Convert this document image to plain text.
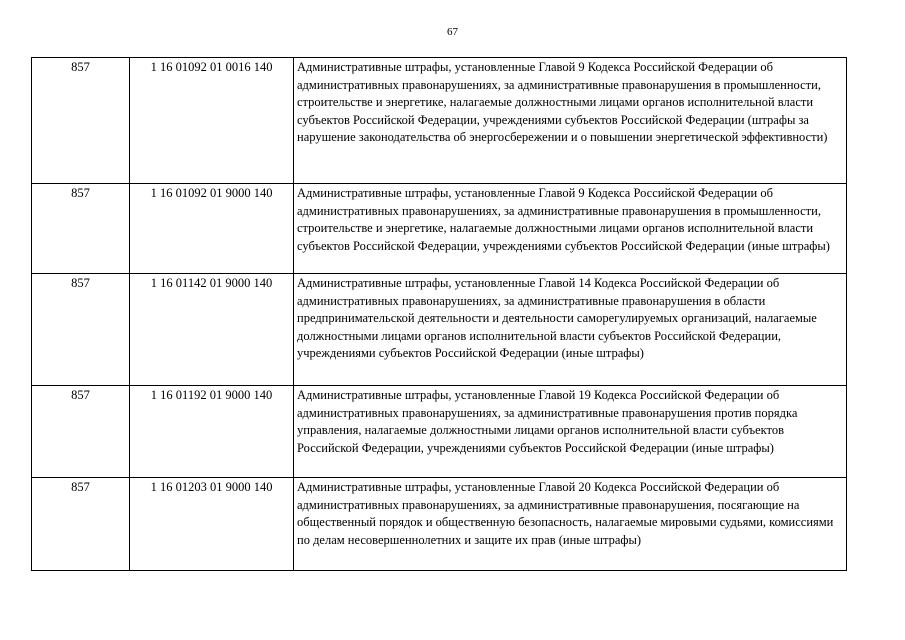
67
857	1 16 01092 01 0016 140	Административные штрафы, установленные Главой 9 Кодекса Российской Федерации об административных правонарушениях, за административные правонарушения в промышленности, строительстве и энергетике, налагаемые должностными лицами органов исполнительной власти субъектов Российской Федерации, учреждениями субъектов Российской Федерации (штрафы за нарушение законодательства об энергосбережении и о повышении энергетической эффективности)
857	1 16 01092 01 9000 140	Административные штрафы, установленные Главой 9 Кодекса Российской Федерации об административных правонарушениях, за административные правонарушения в промышленности, строительстве и энергетике, налагаемые должностными лицами органов исполнительной власти субъектов Российской Федерации, учреждениями субъектов Российской Федерации (иные штрафы)
857	1 16 01142 01 9000 140	Административные штрафы, установленные Главой 14 Кодекса Российской Федерации об административных правонарушениях, за административные правонарушения в области предпринимательской деятельности и деятельности саморегулируемых организаций, налагаемые должностными лицами органов исполнительной власти субъектов Российской Федерации, учреждениями субъектов Российской Федерации (иные штрафы)
857	1 16 01192 01 9000 140	Административные штрафы, установленные Главой 19 Кодекса Российской Федерации об административных правонарушениях, за административные правонарушения против порядка управления, налагаемые должностными лицами органов исполнительной власти субъектов Российской Федерации, учреждениями субъектов Российской Федерации (иные штрафы)
857	1 16 01203 01 9000 140	Административные штрафы, установленные Главой 20 Кодекса Российской Федерации об административных правонарушениях, за административные правонарушения, посягающие на общественный порядок и общественную безопасность, налагаемые мировыми судьями, комиссиями по делам несовершеннолетних и защите их прав (иные штрафы)
